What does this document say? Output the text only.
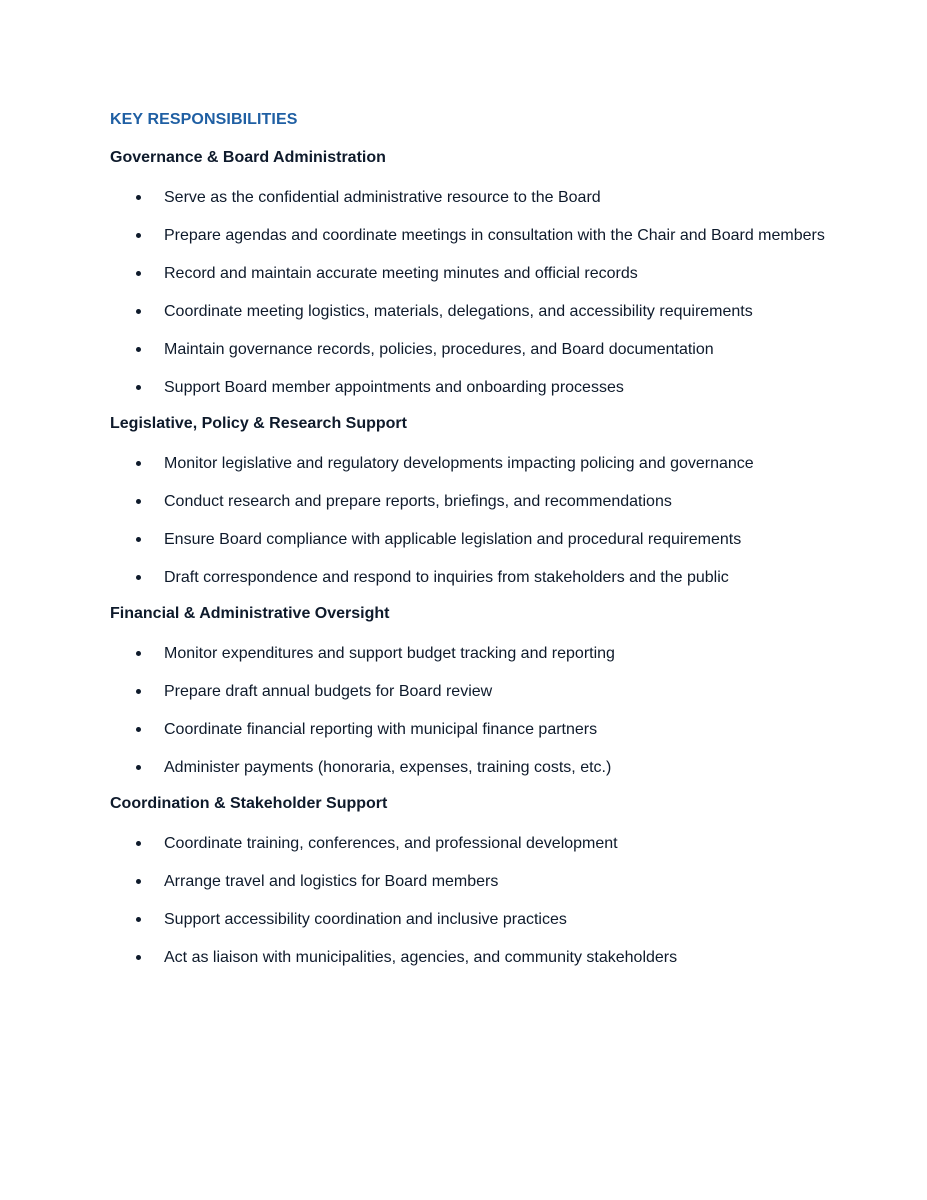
KEY RESPONSIBILITIES
Governance & Board Administration
Serve as the confidential administrative resource to the Board
Prepare agendas and coordinate meetings in consultation with the Chair and Board members
Record and maintain accurate meeting minutes and official records
Coordinate meeting logistics, materials, delegations, and accessibility requirements
Maintain governance records, policies, procedures, and Board documentation
Support Board member appointments and onboarding processes
Legislative, Policy & Research Support
Monitor legislative and regulatory developments impacting policing and governance
Conduct research and prepare reports, briefings, and recommendations
Ensure Board compliance with applicable legislation and procedural requirements
Draft correspondence and respond to inquiries from stakeholders and the public
Financial & Administrative Oversight
Monitor expenditures and support budget tracking and reporting
Prepare draft annual budgets for Board review
Coordinate financial reporting with municipal finance partners
Administer payments (honoraria, expenses, training costs, etc.)
Coordination & Stakeholder Support
Coordinate training, conferences, and professional development
Arrange travel and logistics for Board members
Support accessibility coordination and inclusive practices
Act as liaison with municipalities, agencies, and community stakeholders
